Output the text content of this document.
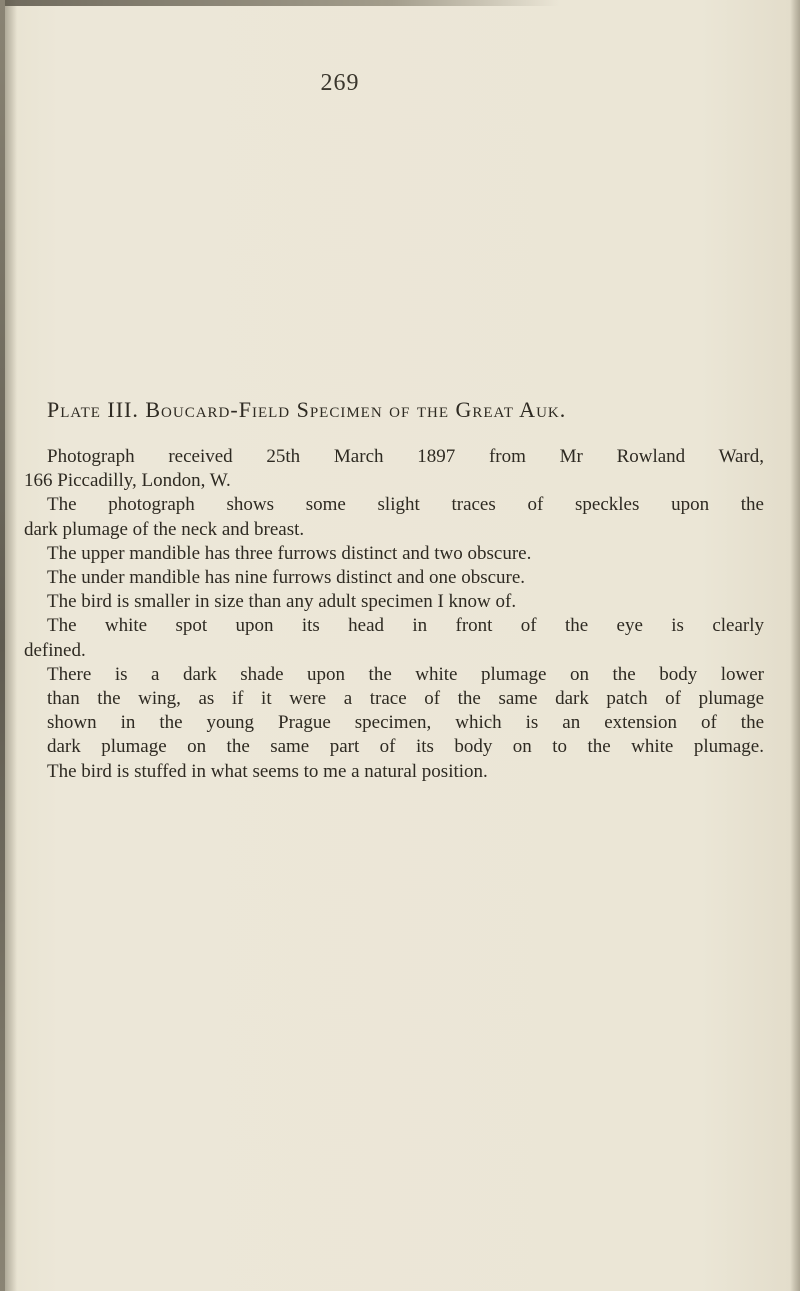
269
Plate III. Boucard-Field Specimen of the Great Auk.
Photograph received 25th March 1897 from Mr Rowland Ward,
166 Piccadilly, London, W.
The photograph shows some slight traces of speckles upon the
dark plumage of the neck and breast.
The upper mandible has three furrows distinct and two obscure.
The under mandible has nine furrows distinct and one obscure.
The bird is smaller in size than any adult specimen I know of.
The white spot upon its head in front of the eye is clearly
defined.
There is a dark shade upon the white plumage on the body lower
than the wing, as if it were a trace of the same dark patch of plumage
shown in the young Prague specimen, which is an extension of the
dark plumage on the same part of its body on to the white plumage.
The bird is stuffed in what seems to me a natural position.
